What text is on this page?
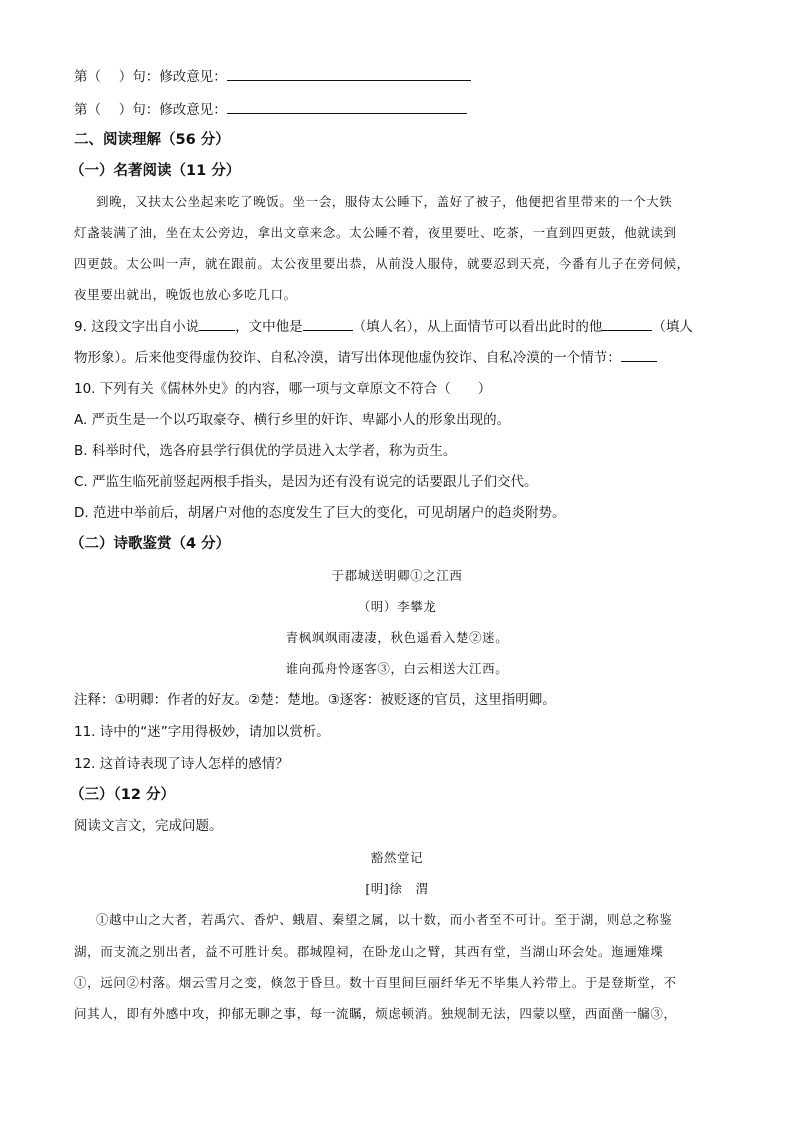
第（　 ）句：修改意见：
第（　 ）句：修改意见：
二、阅读理解（56 分）
（一）名著阅读（11 分）
到晚，又扶太公坐起来吃了晚饭。坐一会，服侍太公睡下，盖好了被子，他便把省里带来的一个大铁
灯盏装满了油，坐在太公旁边，拿出文章来念。太公睡不着，夜里要吐、吃茶，一直到四更鼓，他就读到
四更鼓。太公叫一声，就在跟前。太公夜里要出恭，从前没人服侍，就要忍到天亮，今番有儿子在旁伺候，
夜里要出就出，晚饭也放心多吃几口。
9. 这段文字出自小说	，文中他是	（填人名），从上面情节可以看出此时的他	（填人
物形象）。后来他变得虚伪狡诈、自私冷漠，请写出体现他虚伪狡诈、自私冷漠的一个情节：
10. 下列有关《儒林外史》的内容，哪一项与文章原文不符合（　　）
A. 严贡生是一个以巧取豪夺、横行乡里的奸诈、卑鄙小人的形象出现的。
B. 科举时代，选各府县学行俱优的学员进入太学者，称为贡生。
C. 严监生临死前竖起两根手指头，是因为还有没有说完的话要跟儿子们交代。
D. 范进中举前后，胡屠户对他的态度发生了巨大的变化，可见胡屠户的趋炎附势。
（二）诗歌鉴赏（4 分）
于郡城送明卿①之江西
（明）李攀龙
青枫飒飒雨凄凄，秋色遥看入楚②迷。
谁向孤舟怜逐客③，白云相送大江西。
注释：①明卿：作者的好友。②楚：楚地。③逐客：被贬逐的官员，这里指明卿。
11. 诗中的“迷”字用得极妙，请加以赏析。
12. 这首诗表现了诗人怎样的感情？
（三）（12 分）
阅读文言文，完成问题。
豁然堂记
[明]徐　渭
①越中山之大者，若禹穴、香炉、蛾眉、秦望之属，以十数，而小者至不可计。至于湖，则总之称鉴
湖，而支流之别出者，益不可胜计矣。郡城隍祠，在卧龙山之臂，其西有堂，当湖山环会处。迤逦雉堞
①，远问②村落。烟云雪月之变，倏忽于昏旦。数十百里间巨丽纤华无不毕集人衿带上。于是登斯堂，不
问其人，即有外感中攻，抑郁无聊之事，每一流瞩，烦虑顿消。独规制无法，四蒙以壁，西面凿一牖③，
